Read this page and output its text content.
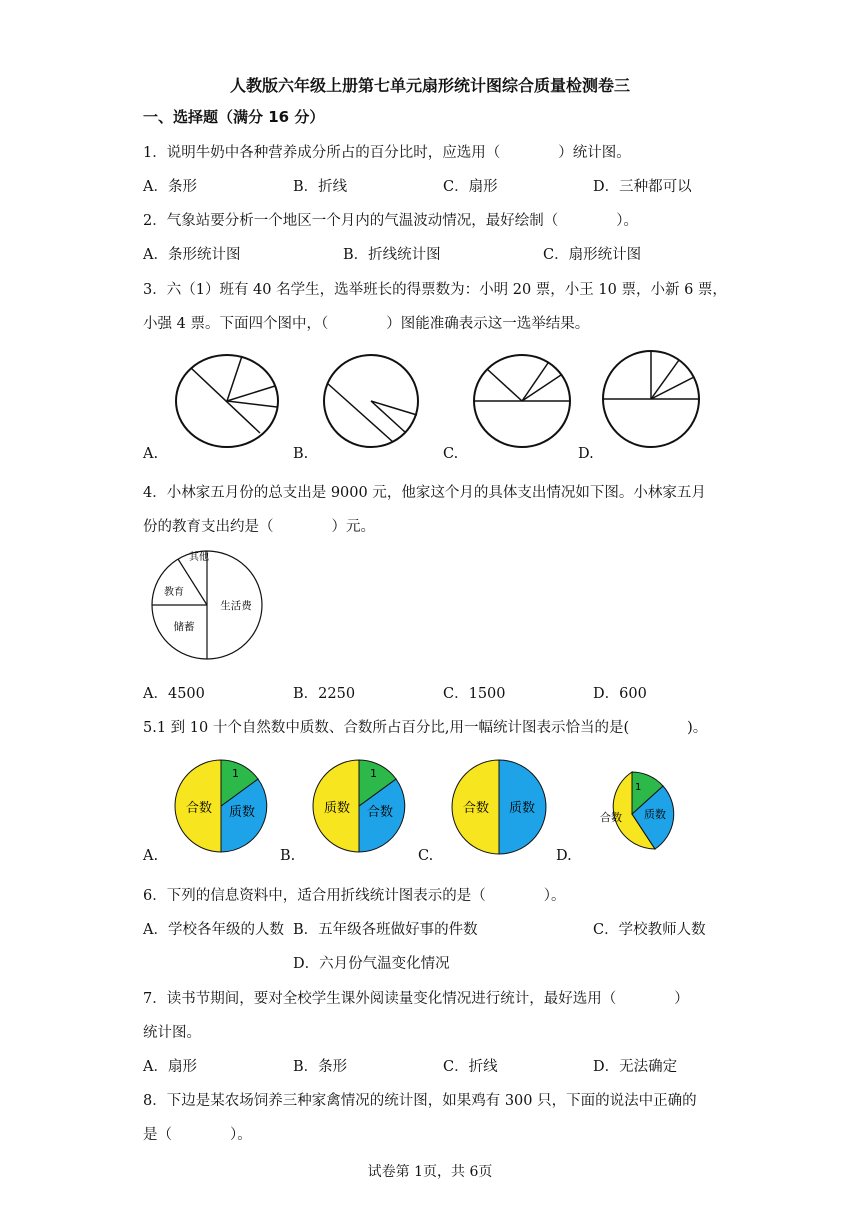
人教版六年级上册第七单元扇形统计图综合质量检测卷三
一、选择题（满分 16 分）
1．说明牛奶中各种营养成分所占的百分比时，应选用（　　　　）统计图。
A．条形	B．折线	C．扇形	D．三种都可以
2．气象站要分析一个地区一个月内的气温波动情况，最好绘制（　　　　）。
A．条形统计图	B．折线统计图	C．扇形统计图
3．六（1）班有 40 名学生，选举班长的得票数为：小明 20 票，小王 10 票，小新 6 票，
小强 4 票。下面四个图中，（　　　　）图能准确表示这一选举结果。
A.	B.	C.	D.
4．小林家五月份的总支出是 9000 元，他家这个月的具体支出情况如下图。小林家五月
份的教育支出约是（　　　　）元。
其他
教育
生活费
储蓄
A．4500	B．2250	C．1500	D．600
5.1 到 10 十个自然数中质数、合数所占百分比,用一幅统计图表示恰当的是(　　　　)。
1
合数 质数
1
质数 合数	合数 质数
1
合数 质数
A.	B.	C.	D.
6．下列的信息资料中，适合用折线统计图表示的是（　　　　）。
A．学校各年级的人数 B．五年级各班做好事的件数	C．学校教师人数
D．六月份气温变化情况
7．读书节期间，要对全校学生课外阅读量变化情况进行统计，最好选用（　　　　）
统计图。
A．扇形	B．条形	C．折线	D．无法确定
8．下边是某农场饲养三种家禽情况的统计图，如果鸡有 300 只，下面的说法中正确的
是（　　　　）。
试卷第 1页，共 6页
